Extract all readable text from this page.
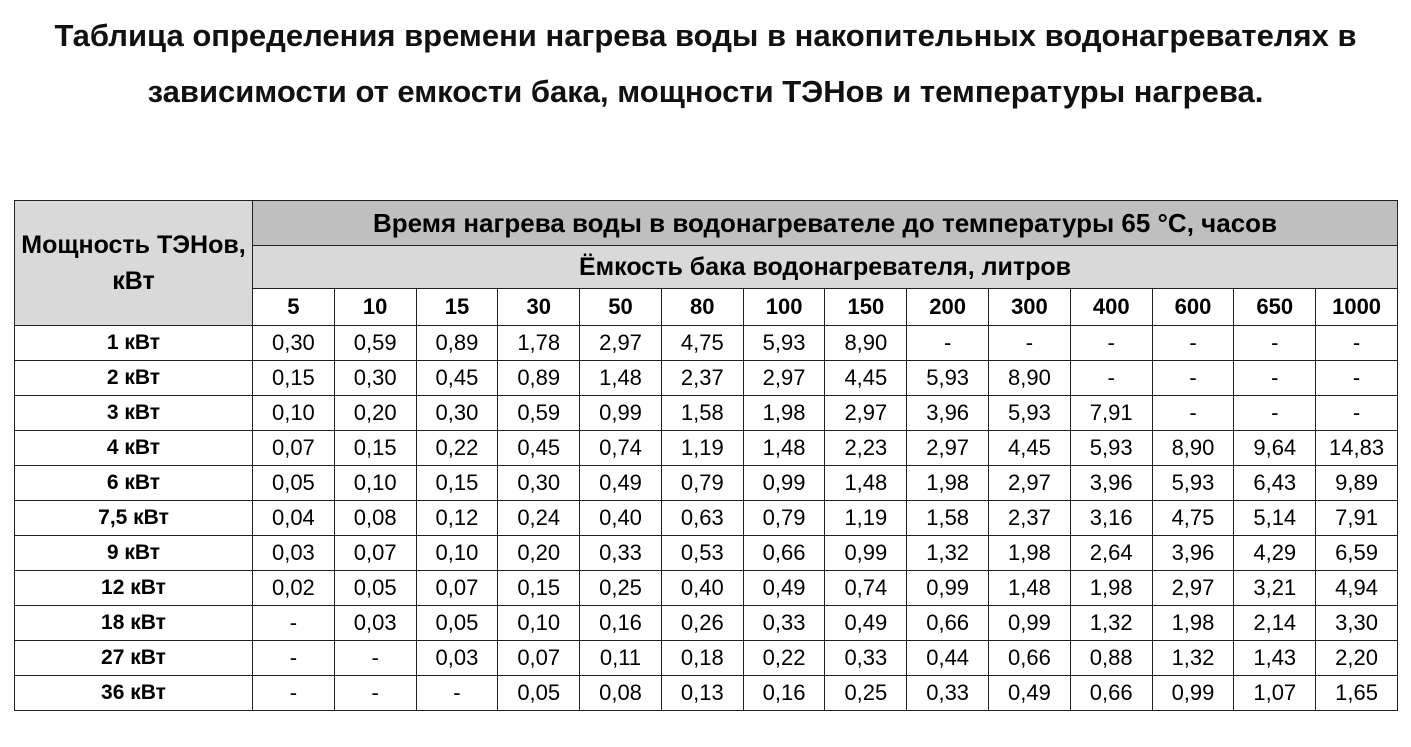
Таблица определения времени нагрева воды в накопительных водонагревателях в зависимости от емкости бака, мощности ТЭНов и температуры нагрева.
Мощность ТЭНов, кВт	Время нагрева воды в водонагревателе до температуры 65 °С, часов													
	Ёмкость бака водонагревателя, литров													
	5	10	15	30	50	80	100	150	200	300	400	600	650	1000
1 кВт	0,30	0,59	0,89	1,78	2,97	4,75	5,93	8,90	-	-	-	-	-	-
2 кВт	0,15	0,30	0,45	0,89	1,48	2,37	2,97	4,45	5,93	8,90	-	-	-	-
3 кВт	0,10	0,20	0,30	0,59	0,99	1,58	1,98	2,97	3,96	5,93	7,91	-	-	-
4 кВт	0,07	0,15	0,22	0,45	0,74	1,19	1,48	2,23	2,97	4,45	5,93	8,90	9,64	14,83
6 кВт	0,05	0,10	0,15	0,30	0,49	0,79	0,99	1,48	1,98	2,97	3,96	5,93	6,43	9,89
7,5 кВт	0,04	0,08	0,12	0,24	0,40	0,63	0,79	1,19	1,58	2,37	3,16	4,75	5,14	7,91
9 кВт	0,03	0,07	0,10	0,20	0,33	0,53	0,66	0,99	1,32	1,98	2,64	3,96	4,29	6,59
12 кВт	0,02	0,05	0,07	0,15	0,25	0,40	0,49	0,74	0,99	1,48	1,98	2,97	3,21	4,94
18 кВт	-	0,03	0,05	0,10	0,16	0,26	0,33	0,49	0,66	0,99	1,32	1,98	2,14	3,30
27 кВт	-	-	0,03	0,07	0,11	0,18	0,22	0,33	0,44	0,66	0,88	1,32	1,43	2,20
36 кВт	-	-	-	0,05	0,08	0,13	0,16	0,25	0,33	0,49	0,66	0,99	1,07	1,65
